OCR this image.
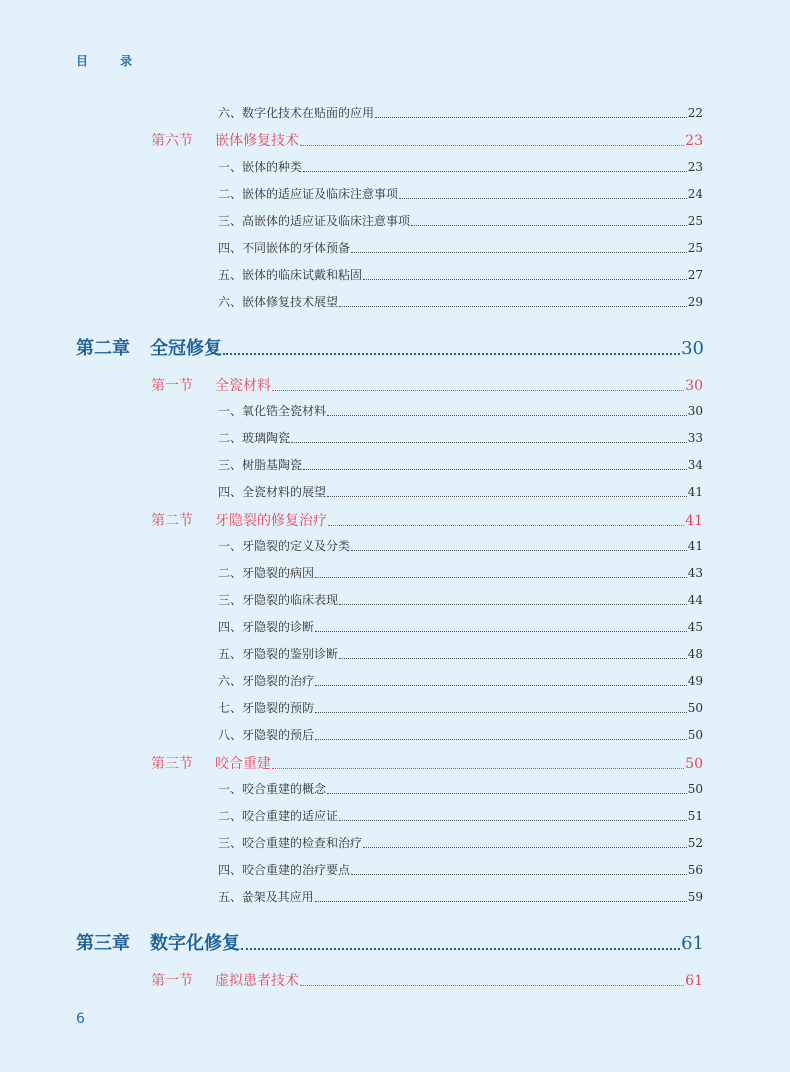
目 录
六、数字化技术在贴面的应用	22
第六节	嵌体修复技术	23
一、嵌体的种类	23
二、嵌体的适应证及临床注意事项	24
三、高嵌体的适应证及临床注意事项	25
四、不同嵌体的牙体预备	25
五、嵌体的临床试戴和粘固	27
六、嵌体修复技术展望	29
第二章	全冠修复	30
第一节	全瓷材料	30
一、氧化锆全瓷材料	30
二、玻璃陶瓷	33
三、树脂基陶瓷	34
四、全瓷材料的展望	41
第二节	牙隐裂的修复治疗	41
一、牙隐裂的定义及分类	41
二、牙隐裂的病因	43
三、牙隐裂的临床表现	44
四、牙隐裂的诊断	45
五、牙隐裂的鉴别诊断	48
六、牙隐裂的治疗	49
七、牙隐裂的预防	50
八、牙隐裂的预后	50
第三节	咬合重建	50
一、咬合重建的概念	50
二、咬合重建的适应证	51
三、咬合重建的检查和治疗	52
四、咬合重建的治疗要点	56
五、쓦架及其应用	59
第三章	数字化修复	61
第一节	虚拟患者技术	61
6
